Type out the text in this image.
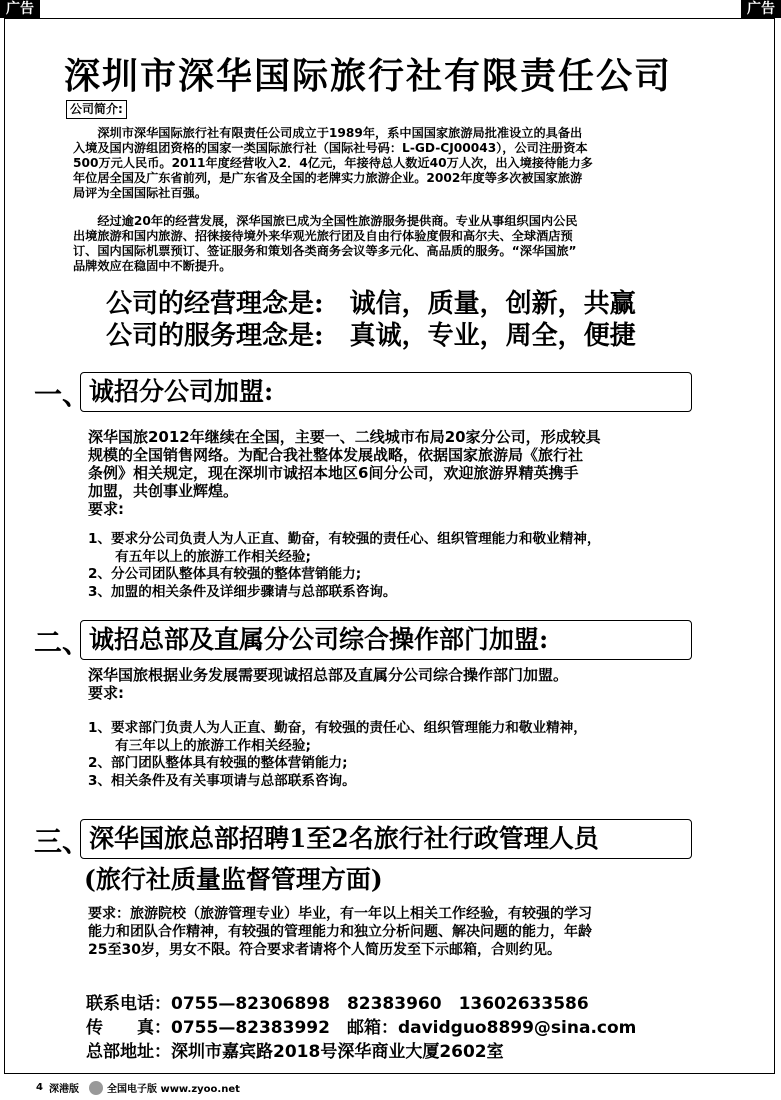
广告	广告
深圳市深华国际旅行社有限责任公司
公司简介:
　　深圳市深华国际旅行社有限责任公司成立于1989年，系中国国家旅游局批准设立的具备出
入境及国内游组团资格的国家一类国际旅行社（国际社号码：L-GD-CJ00043），公司注册资本
500万元人民币。2011年度经营收入2．4亿元，年接待总人数近40万人次，出入境接待能力多
年位居全国及广东省前列，是广东省及全国的老牌实力旅游企业。2002年度等多次被国家旅游
局评为全国国际社百强。
　　经过逾20年的经营发展，深华国旅已成为全国性旅游服务提供商。专业从事组织国内公民
出境旅游和国内旅游、招徕接待境外来华观光旅行团及自由行体验度假和高尔夫、全球酒店预
订、国内国际机票预订、签证服务和策划各类商务会议等多元化、高品质的服务。“深华国旅”
品牌效应在稳固中不断提升。
公司的经营理念是:　诚信，质量，创新，共赢
公司的服务理念是:　真诚，专业，周全，便捷
一、
诚招分公司加盟:
深华国旅2012年继续在全国，主要一、二线城市布局20家分公司，形成较具
规模的全国销售网络。为配合我社整体发展战略，依据国家旅游局《旅行社
条例》相关规定，现在深圳市诚招本地区6间分公司，欢迎旅游界精英携手
加盟，共创事业辉煌。
要求:
1、要求分公司负责人为人正直、勤奋，有较强的责任心、组织管理能力和敬业精神，
　　有五年以上的旅游工作相关经验;
2、分公司团队整体具有较强的整体营销能力;
3、加盟的相关条件及详细步骤请与总部联系咨询。
二、
诚招总部及直属分公司综合操作部门加盟:
深华国旅根据业务发展需要现诚招总部及直属分公司综合操作部门加盟。
要求:
1、要求部门负责人为人正直、勤奋，有较强的责任心、组织管理能力和敬业精神，
　　有三年以上的旅游工作相关经验;
2、部门团队整体具有较强的整体营销能力;
3、相关条件及有关事项请与总部联系咨询。
三、
深华国旅总部招聘1至2名旅行社行政管理人员
(旅行社质量监督管理方面)
要求：旅游院校（旅游管理专业）毕业，有一年以上相关工作经验，有较强的学习
能力和团队合作精神，有较强的管理能力和独立分析问题、解决问题的能力，年龄
25至30岁，男女不限。符合要求者请将个人简历发至下示邮箱，合则约见。
联系电话：0755—82306898　82383960　13602633586
传　　真：0755—82383992　邮箱：davidguo8899@sina.com
总部地址：深圳市嘉宾路2018号深华商业大厦2602室
4 深港版	全国电子版 www.zyoo.net
